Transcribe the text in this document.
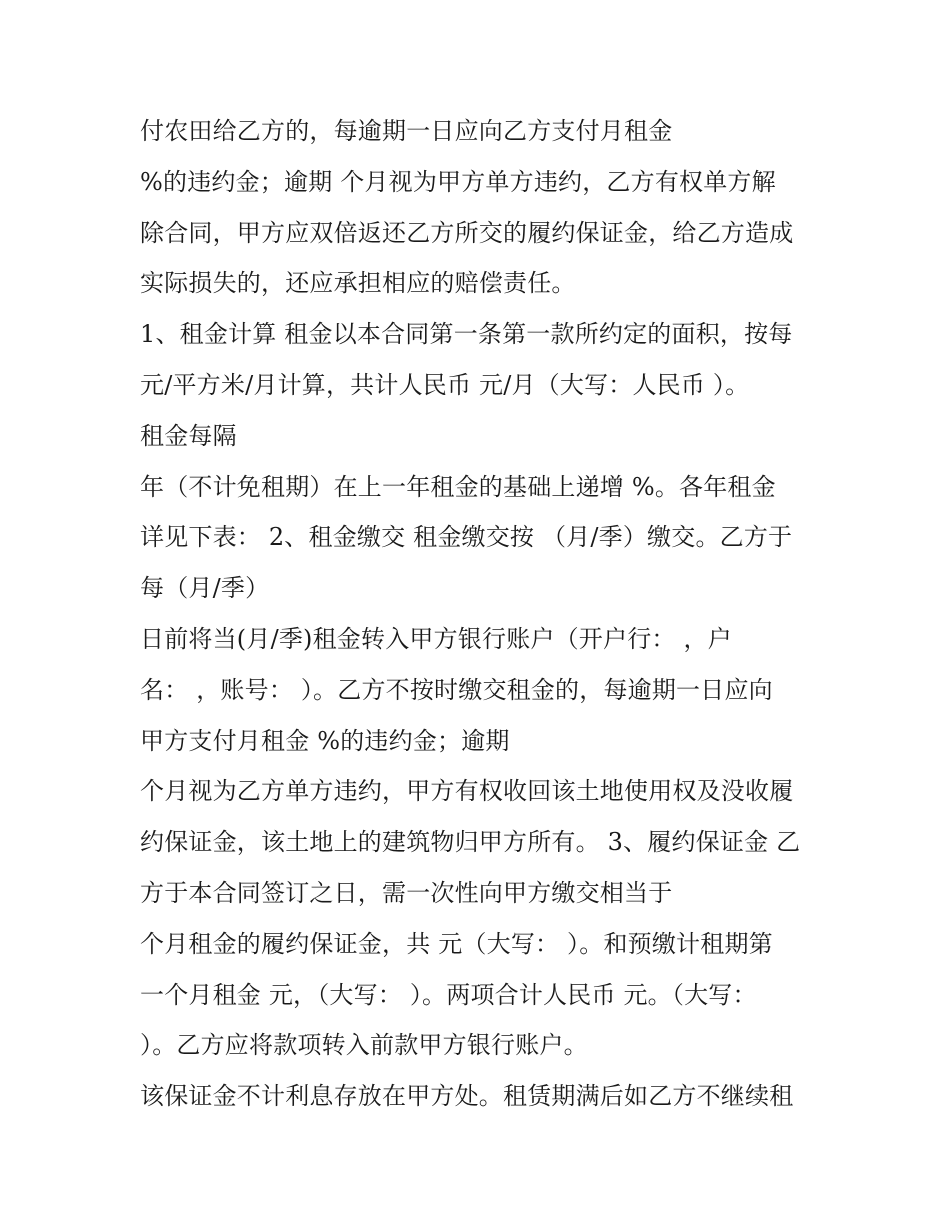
付农田给乙方的，每逾期一日应向乙方支付月租金
%的违约金；逾期 个月视为甲方单方违约，乙方有权单方解
除合同，甲方应双倍返还乙方所交的履约保证金，给乙方造成
实际损失的，还应承担相应的赔偿责任。
1、租金计算 租金以本合同第一条第一款所约定的面积，按每
元/平方米/月计算，共计人民币 元/月（大写：人民币 ）。
租金每隔
年（不计免租期）在上一年租金的基础上递增 %。各年租金
详见下表： 2、租金缴交 租金缴交按 （月/季）缴交。乙方于
每（月/季）
日前将当(月/季)租金转入甲方银行账户（开户行： ，户
名： ，账号： ）。乙方不按时缴交租金的，每逾期一日应向
甲方支付月租金 %的违约金；逾期
个月视为乙方单方违约，甲方有权收回该土地使用权及没收履
约保证金，该土地上的建筑物归甲方所有。 3、履约保证金 乙
方于本合同签订之日，需一次性向甲方缴交相当于
个月租金的履约保证金，共 元（大写： ）。和预缴计租期第
一个月租金 元，（大写： ）。两项合计人民币 元。（大写：
）。乙方应将款项转入前款甲方银行账户。
该保证金不计利息存放在甲方处。租赁期满后如乙方不继续租
